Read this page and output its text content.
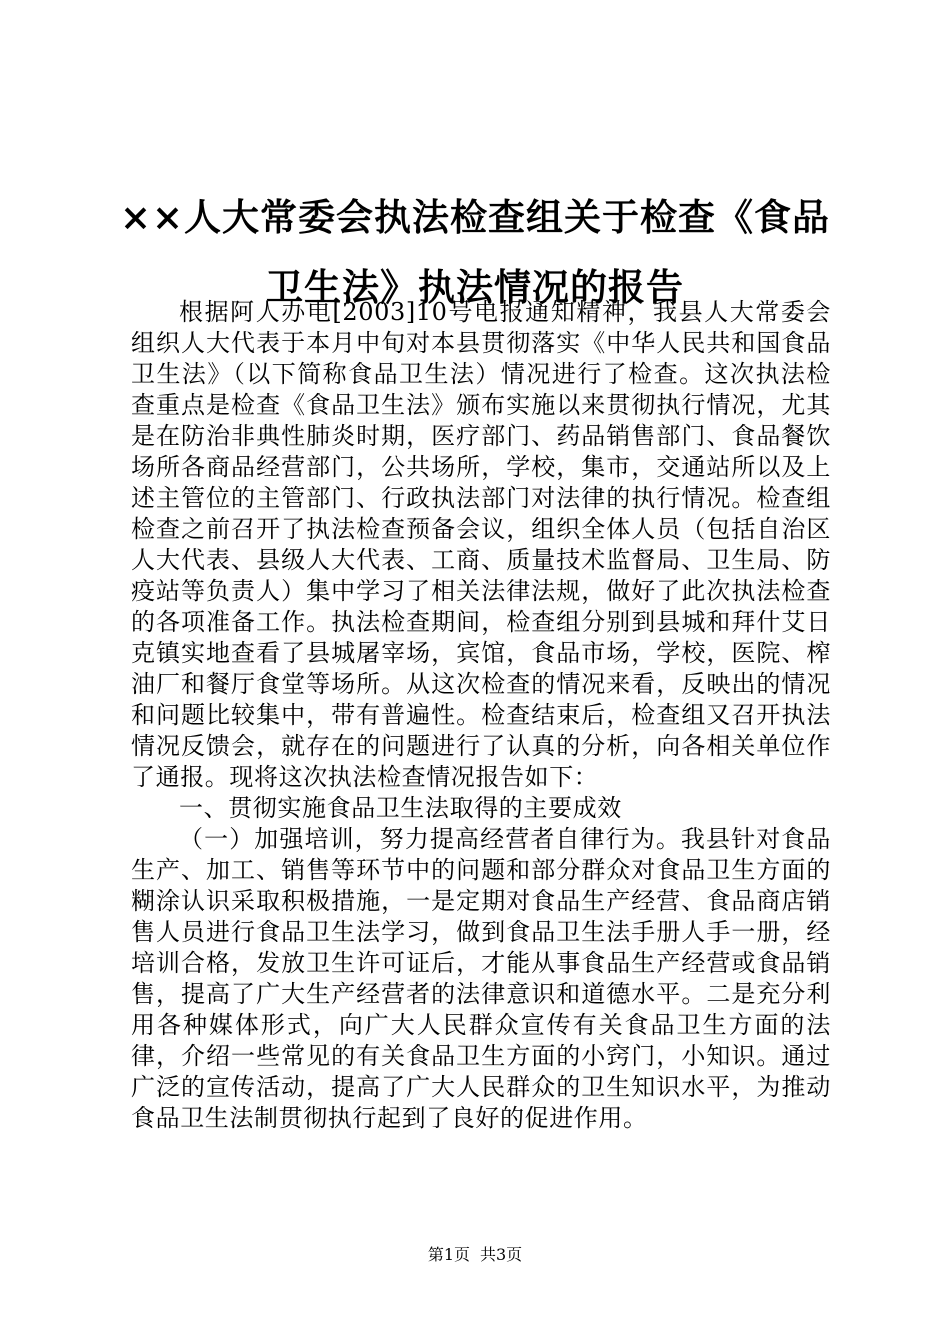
××人大常委会执法检查组关于检查《食品卫生法》执法情况的报告

根据阿人办电[2003]10号电报通知精神，我县人大常委会组织人大代表于本月中旬对本县贯彻落实《中华人民共和国食品卫生法》（以下简称食品卫生法）情况进行了检查。这次执法检查重点是检查《食品卫生法》颁布实施以来贯彻执行情况，尤其是在防治非典性肺炎时期，医疗部门、药品销售部门、食品餐饮场所各商品经营部门，公共场所，学校，集市，交通站所以及上述主管位的主管部门、行政执法部门对法律的执行情况。检查组检查之前召开了执法检查预备会议，组织全体人员（包括自治区人大代表、县级人大代表、工商、质量技术监督局、卫生局、防疫站等负责人）集中学习了相关法律法规，做好了此次执法检查的各项准备工作。执法检查期间，检查组分别到县城和拜什艾日克镇实地查看了县城屠宰场，宾馆，食品市场，学校，医院、榨油厂和餐厅食堂等场所。从这次检查的情况来看，反映出的情况和问题比较集中，带有普遍性。检查结束后，检查组又召开执法情况反馈会，就存在的问题进行了认真的分析，向各相关单位作了通报。现将这次执法检查情况报告如下：

一、贯彻实施食品卫生法取得的主要成效

（一）加强培训，努力提高经营者自律行为。我县针对食品生产、加工、销售等环节中的问题和部分群众对食品卫生方面的糊涂认识采取积极措施，一是定期对食品生产经营、食品商店销售人员进行食品卫生法学习，做到食品卫生法手册人手一册，经培训合格，发放卫生许可证后，才能从事食品生产经营或食品销售，提高了广大生产经营者的法律意识和道德水平。二是充分利用各种媒体形式，向广大人民群众宣传有关食品卫生方面的法律，介绍一些常见的有关食品卫生方面的小窍门，小知识。通过广泛的宣传活动，提高了广大人民群众的卫生知识水平，为推动食品卫生法制贯彻执行起到了良好的促进作用。

第1页 共3页
